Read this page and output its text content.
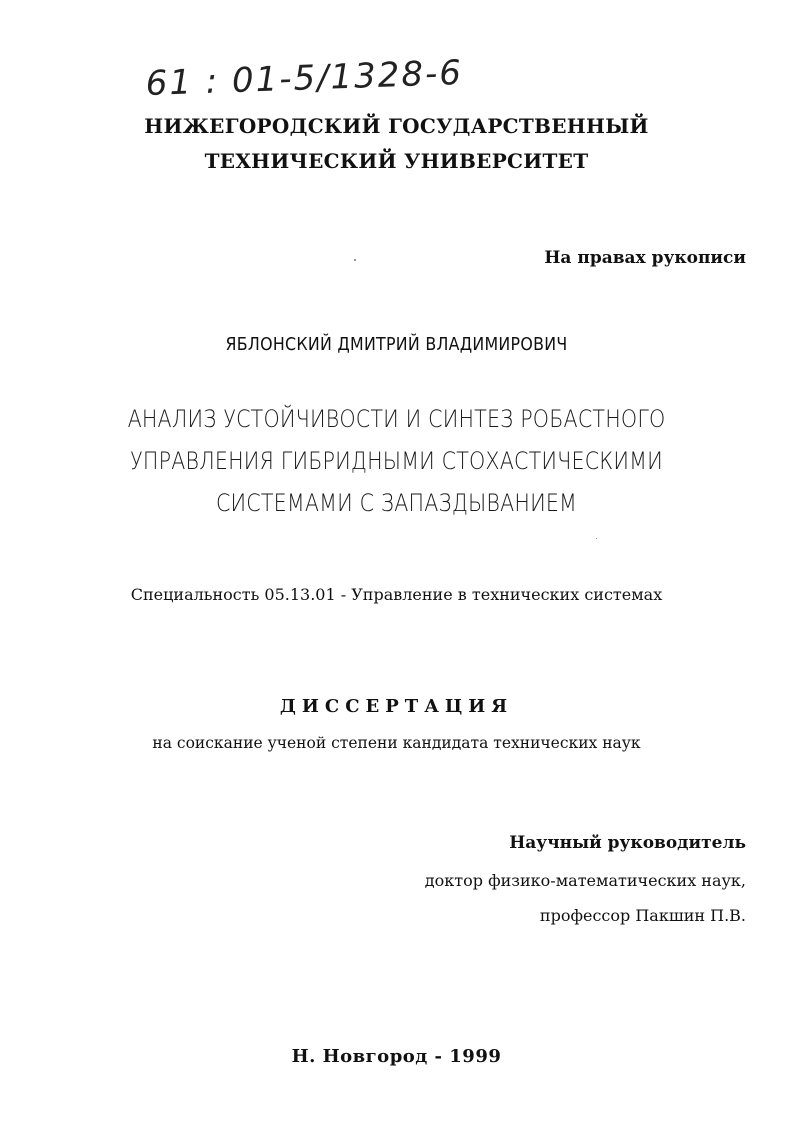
61 : 01-5/1328-6
НИЖЕГОРОДСКИЙ ГОСУДАРСТВЕННЫЙ
ТЕХНИЧЕСКИЙ УНИВЕРСИТЕТ
На правах рукописи
ЯБЛОНСКИЙ ДМИТРИЙ ВЛАДИМИРОВИЧ
АНАЛИЗ УСТОЙЧИВОСТИ И СИНТЕЗ РОБАСТНОГО
УПРАВЛЕНИЯ ГИБРИДНЫМИ СТОХАСТИЧЕСКИМИ
СИСТЕМАМИ С ЗАПАЗДЫВАНИЕМ
Специальность 05.13.01 - Управление в технических системах
ДИССЕРТАЦИЯ
на соискание ученой степени кандидата технических наук
Научный руководитель
доктор физико-математических наук,
профессор Пакшин П.В.
Н. Новгород - 1999
